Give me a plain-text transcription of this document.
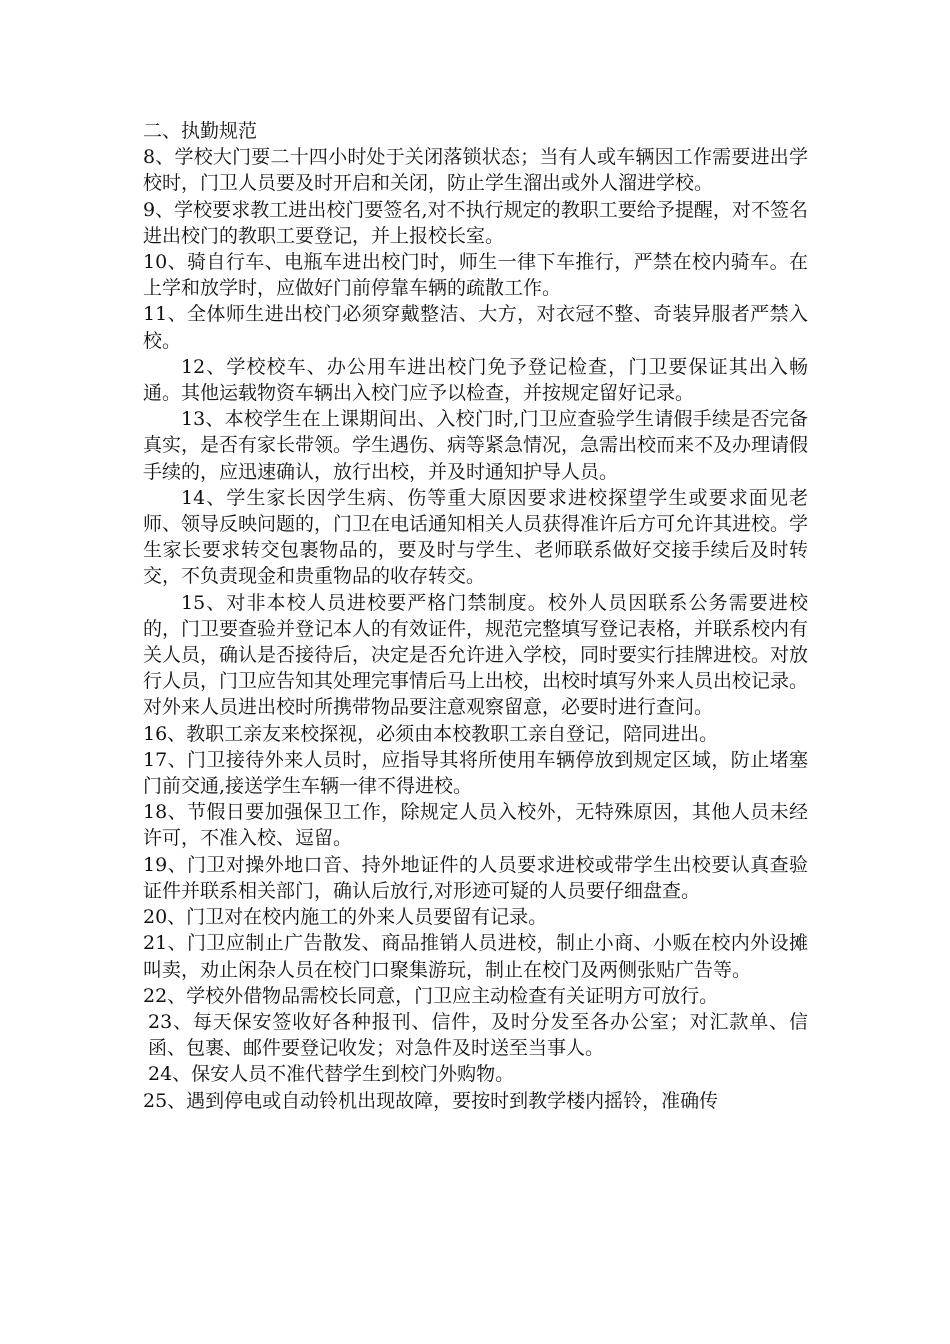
二、执勤规范

8、学校大门要二十四小时处于关闭落锁状态；当有人或车辆因工作需要进出学校时，门卫人员要及时开启和关闭，防止学生溜出或外人溜进学校。

9、学校要求教工进出校门要签名,对不执行规定的教职工要给予提醒，对不签名进出校门的教职工要登记，并上报校长室。

10、骑自行车、电瓶车进出校门时，师生一律下车推行，严禁在校内骑车。在上学和放学时，应做好门前停靠车辆的疏散工作。

11、全体师生进出校门必须穿戴整洁、大方，对衣冠不整、奇装异服者严禁入校。

12、学校校车、办公用车进出校门免予登记检查，门卫要保证其出入畅通。其他运载物资车辆出入校门应予以检查，并按规定留好记录。

13、本校学生在上课期间出、入校门时,门卫应查验学生请假手续是否完备真实，是否有家长带领。学生遇伤、病等紧急情况，急需出校而来不及办理请假手续的，应迅速确认，放行出校，并及时通知护导人员。

14、学生家长因学生病、伤等重大原因要求进校探望学生或要求面见老师、领导反映问题的，门卫在电话通知相关人员获得准许后方可允许其进校。学生家长要求转交包裹物品的，要及时与学生、老师联系做好交接手续后及时转交，不负责现金和贵重物品的收存转交。

15、对非本校人员进校要严格门禁制度。校外人员因联系公务需要进校的，门卫要查验并登记本人的有效证件，规范完整填写登记表格，并联系校内有关人员，确认是否接待后，决定是否允许进入学校，同时要实行挂牌进校。对放行人员，门卫应告知其处理完事情后马上出校，出校时填写外来人员出校记录。对外来人员进出校时所携带物品要注意观察留意，必要时进行查问。

16、教职工亲友来校探视，必须由本校教职工亲自登记，陪同进出。

17、门卫接待外来人员时，应指导其将所使用车辆停放到规定区域，防止堵塞门前交通,接送学生车辆一律不得进校。

18、节假日要加强保卫工作，除规定人员入校外，无特殊原因，其他人员未经许可，不准入校、逗留。

19、门卫对操外地口音、持外地证件的人员要求进校或带学生出校要认真查验证件并联系相关部门，确认后放行,对形迹可疑的人员要仔细盘查。

20、门卫对在校内施工的外来人员要留有记录。

21、门卫应制止广告散发、商品推销人员进校，制止小商、小贩在校内外设摊叫卖，劝止闲杂人员在校门口聚集游玩，制止在校门及两侧张贴广告等。

22、学校外借物品需校长同意，门卫应主动检查有关证明方可放行。

23、每天保安签收好各种报刊、信件，及时分发至各办公室；对汇款单、信函、包裹、邮件要登记收发；对急件及时送至当事人。

24、保安人员不准代替学生到校门外购物。

25、遇到停电或自动铃机出现故障，要按时到教学楼内摇铃，准确传
